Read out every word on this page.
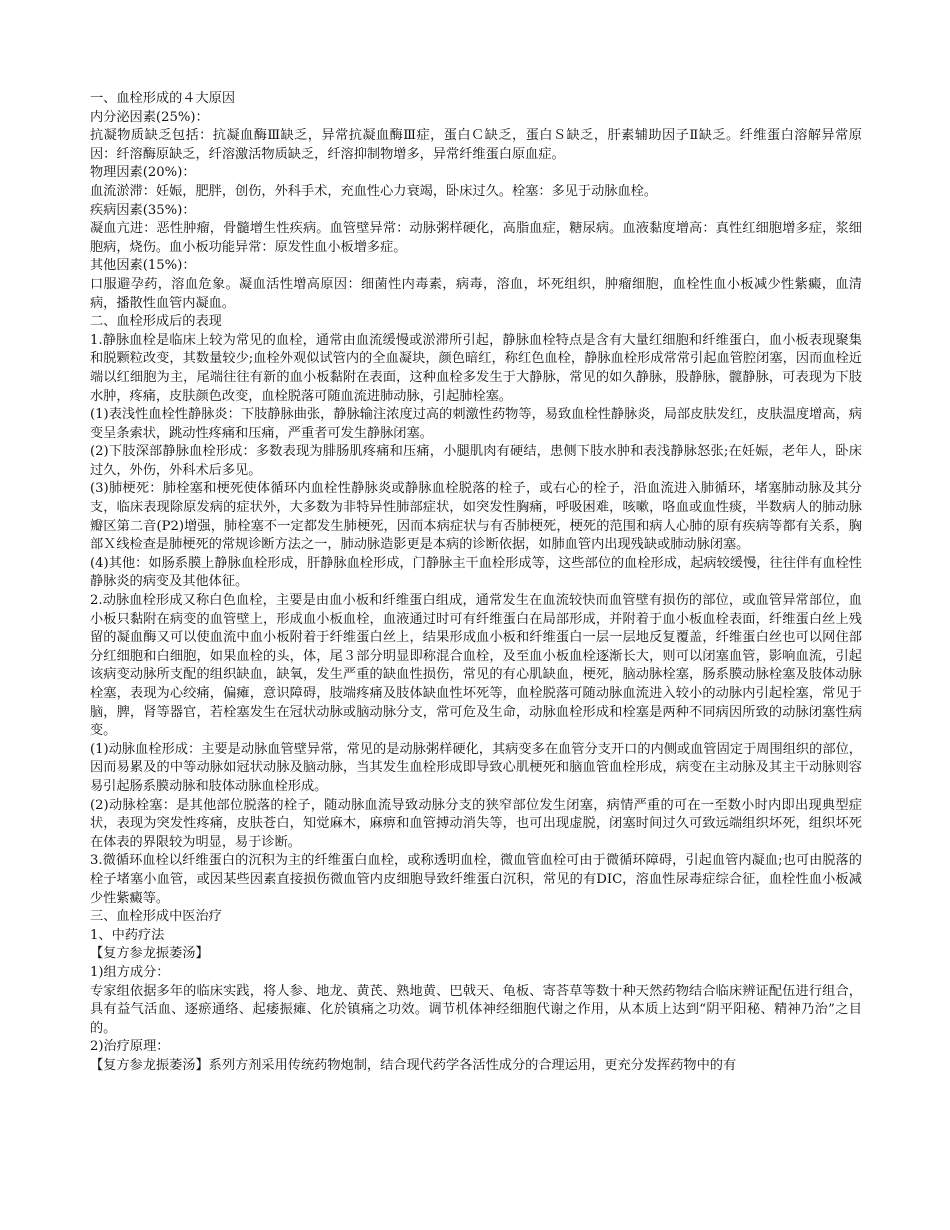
一、血栓形成的４大原因

内分泌因素(25%)：

抗凝物质缺乏包括：抗凝血酶Ⅲ缺乏，异常抗凝血酶Ⅲ症，蛋白Ｃ缺乏，蛋白Ｓ缺乏，肝素辅助因子Ⅱ缺乏。纤维蛋白溶解异常原因：纤溶酶原缺乏，纤溶激活物质缺乏，纤溶抑制物增多，异常纤维蛋白原血症。

物理因素(20%)：

血流淤滞：妊娠，肥胖，创伤，外科手术，充血性心力衰竭，卧床过久。栓塞：多见于动脉血栓。

疾病因素(35%)：

凝血亢进：恶性肿瘤，骨髓增生性疾病。血管壁异常：动脉粥样硬化，高脂血症，糖尿病。血液黏度增高：真性红细胞增多症，浆细胞病，烧伤。血小板功能异常：原发性血小板增多症。

其他因素(15%)：

口服避孕药，溶血危象。凝血活性增高原因：细菌性内毒素，病毒，溶血，坏死组织，肿瘤细胞，血栓性血小板减少性紫癜，血清病，播散性血管内凝血。

二、血栓形成后的表现

1.静脉血栓是临床上较为常见的血栓，通常由血流缓慢或淤滞所引起，静脉血栓特点是含有大量红细胞和纤维蛋白，血小板表现聚集和脱颗粒改变，其数量较少;血栓外观似试管内的全血凝块，颜色暗红，称红色血栓，静脉血栓形成常常引起血管腔闭塞，因而血栓近端以红细胞为主，尾端往往有新的血小板黏附在表面，这种血栓多发生于大静脉，常见的如久静脉，股静脉，髋静脉，可表现为下肢水肿，疼痛，皮肤颜色改变，血栓脱落可随血流进肺动脉，引起肺栓塞。

(1)表浅性血栓性静脉炎：下肢静脉曲张，静脉输注浓度过高的刺激性药物等，易致血栓性静脉炎，局部皮肤发红，皮肤温度增高，病变呈条索状，跳动性疼痛和压痛，严重者可发生静脉闭塞。

(2)下肢深部静脉血栓形成：多数表现为腓肠肌疼痛和压痛，小腿肌肉有硬结，患侧下肢水肿和表浅静脉怒张;在妊娠，老年人，卧床过久，外伤，外科术后多见。

(3)肺梗死：肺栓塞和梗死使体循环内血栓性静脉炎或静脉血栓脱落的栓子，或右心的栓子，沿血流进入肺循环，堵塞肺动脉及其分支，临床表现除原发病的症状外，大多数为非特异性肺部症状，如突发性胸痛，呼吸困难，咳嗽，咯血或血性痰，半数病人的肺动脉瓣区第二音(P2)增强，肺栓塞不一定都发生肺梗死，因而本病症状与有否肺梗死，梗死的范围和病人心肺的原有疾病等都有关系，胸部Ｘ线检查是肺梗死的常规诊断方法之一，肺动脉造影更是本病的诊断依据，如肺血管内出现残缺或肺动脉闭塞。

(4)其他：如肠系膜上静脉血栓形成，肝静脉血栓形成，门静脉主干血栓形成等，这些部位的血栓形成，起病较缓慢，往往伴有血栓性静脉炎的病变及其他体征。

2.动脉血栓形成又称白色血栓，主要是由血小板和纤维蛋白组成，通常发生在血流较快而血管壁有损伤的部位，或血管异常部位，血小板只黏附在病变的血管壁上，形成血小板血栓，血液通过时可有纤维蛋白在局部形成，并附着于血小板血栓表面，纤维蛋白丝上残留的凝血酶又可以使血流中血小板附着于纤维蛋白丝上，结果形成血小板和纤维蛋白一层一层地反复覆盖，纤维蛋白丝也可以网住部分红细胞和白细胞，如果血栓的头，体，尾３部分明显即称混合血栓，及至血小板血栓逐渐长大，则可以闭塞血管，影响血流，引起该病变动脉所支配的组织缺血，缺氧，发生严重的缺血性损伤，常见的有心肌缺血，梗死，脑动脉栓塞，肠系膜动脉栓塞及肢体动脉栓塞，表现为心绞痛，偏瘫，意识障碍，肢端疼痛及肢体缺血性坏死等，血栓脱落可随动脉血流进入较小的动脉内引起栓塞，常见于脑，脾，肾等器官，若栓塞发生在冠状动脉或脑动脉分支，常可危及生命，动脉血栓形成和栓塞是两种不同病因所致的动脉闭塞性病变。

(1)动脉血栓形成：主要是动脉血管壁异常，常见的是动脉粥样硬化，其病变多在血管分支开口的内侧或血管固定于周围组织的部位，因而易累及的中等动脉如冠状动脉及脑动脉，当其发生血栓形成即导致心肌梗死和脑血管血栓形成，病变在主动脉及其主干动脉则容易引起肠系膜动脉和肢体动脉血栓形成。

(2)动脉栓塞：是其他部位脱落的栓子，随动脉血流导致动脉分支的狭窄部位发生闭塞，病情严重的可在一至数小时内即出现典型症状，表现为突发性疼痛，皮肤苍白，知觉麻木，麻痹和血管搏动消失等，也可出现虚脱，闭塞时间过久可致远端组织坏死，组织坏死在体表的界限较为明显，易于诊断。

3.微循环血栓以纤维蛋白的沉积为主的纤维蛋白血栓，或称透明血栓，微血管血栓可由于微循环障碍，引起血管内凝血;也可由脱落的栓子堵塞小血管，或因某些因素直接损伤微血管内皮细胞导致纤维蛋白沉积，常见的有DIC，溶血性尿毒症综合征，血栓性血小板减少性紫癜等。

三、血栓形成中医治疗

1、中药疗法

【复方参龙振萎汤】

1)组方成分：

专家组依据多年的临床实践，将人参、地龙、黄芪、熟地黄、巴戟天、龟板、寄荅草等数十种天然药物结合临床辨证配伍进行组合，具有益气活血、逐瘀通络、起痿振瘫、化於镇痛之功效。调节机体神经细胞代谢之作用，从本质上达到“阴平阳秘、精神乃治”之目的。

2)治疗原理：

【复方参龙振萎汤】系列方剂采用传统药物炮制，结合现代药学各活性成分的合理运用，更充分发挥药物中的有
